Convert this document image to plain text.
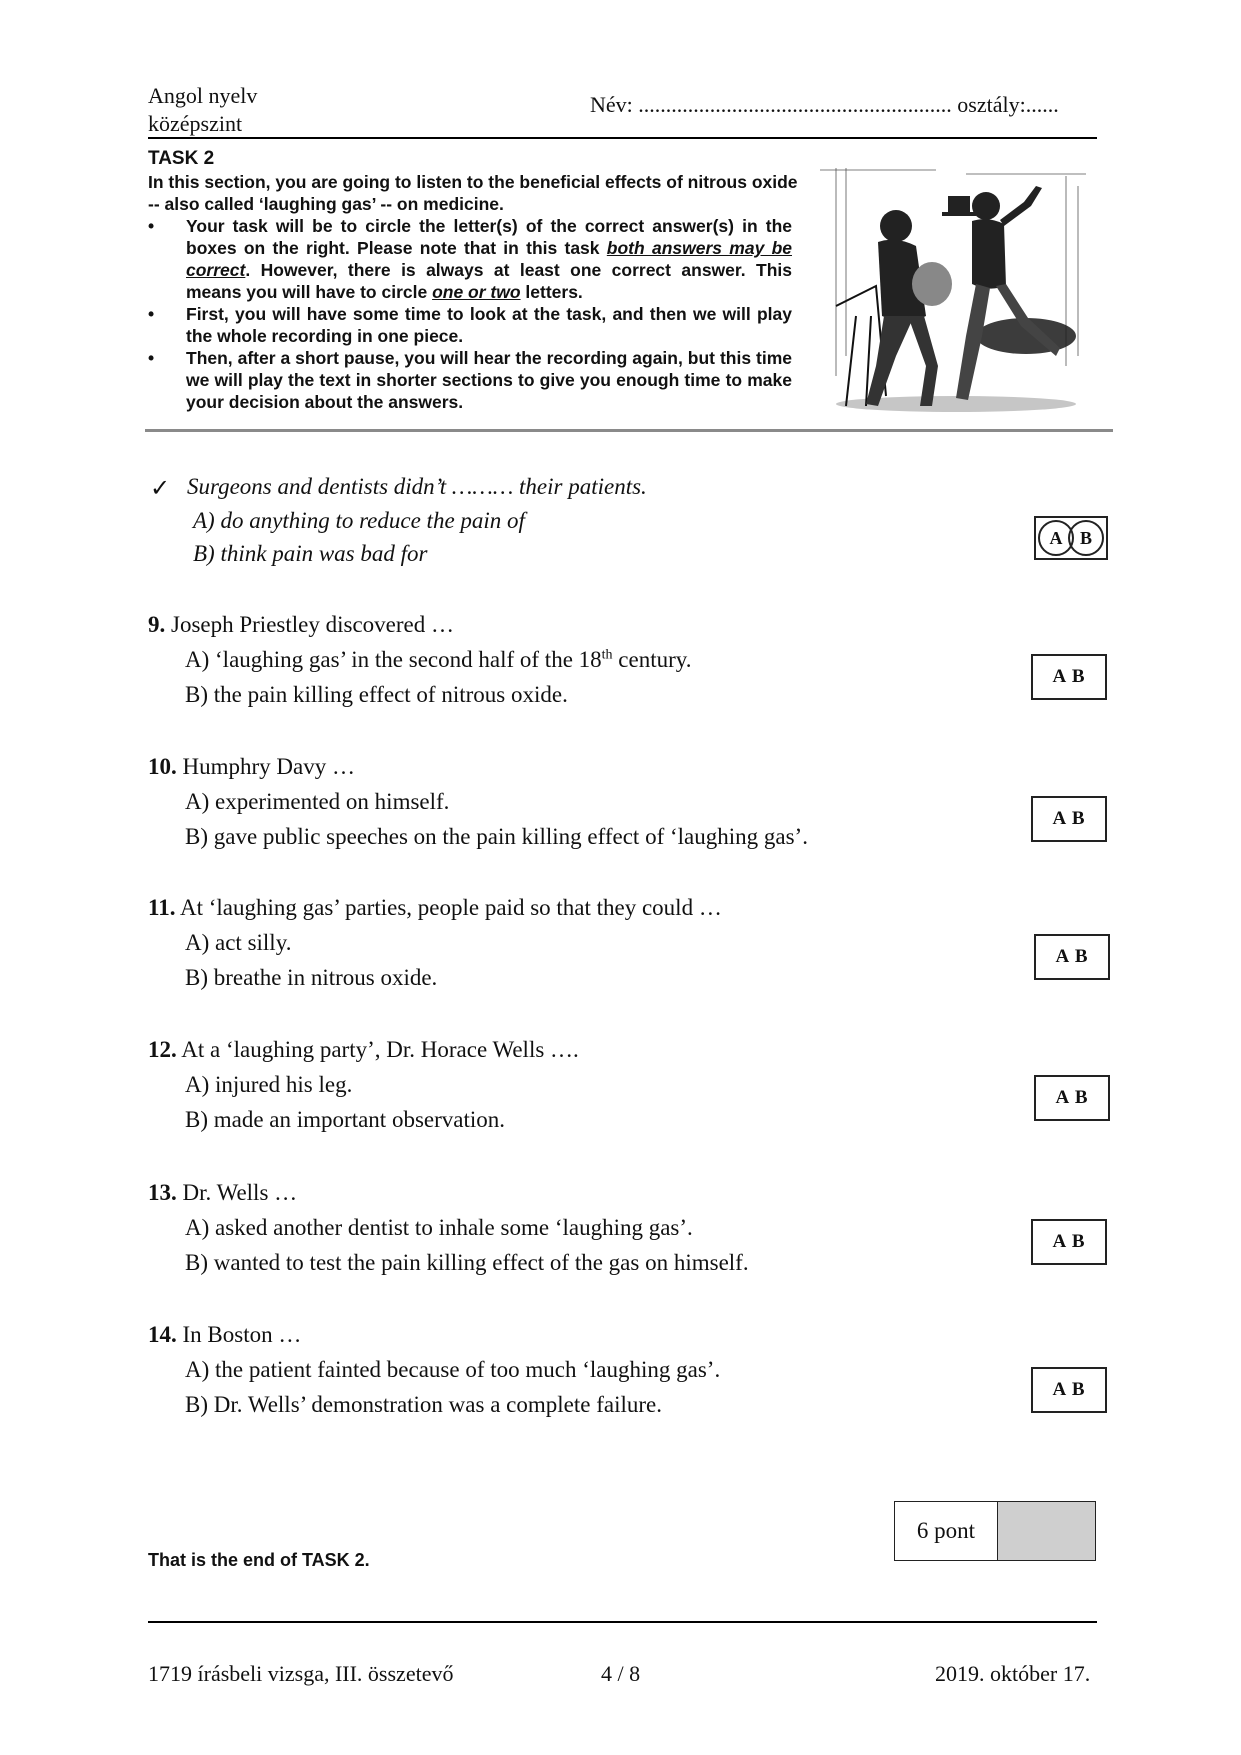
Angol nyelv
középszint
Név: ......................................................... osztály:......
TASK 2
In this section, you are going to listen to the beneficial effects of nitrous oxide -- also called ‘laughing gas’ -- on medicine.
• Your task will be to circle the letter(s) of the correct answer(s) in the boxes on the right. Please note that in this task both answers may be correct. However, there is always at least one correct answer. This means you will have to circle one or two letters.
• First, you will have some time to look at the task, and then we will play the whole recording in one piece.
• Then, after a short pause, you will hear the recording again, but this time we will play the text in shorter sections to give you enough time to make your decision about the answers.
✓ Surgeons and dentists didn’t ……… their patients.
A) do anything to reduce the pain of
B) think pain was bad for
A B
9. Joseph Priestley discovered …
A) ‘laughing gas’ in the second half of the 18th century.
B) the pain killing effect of nitrous oxide.
A B
10. Humphry Davy …
A) experimented on himself.
B) gave public speeches on the pain killing effect of ‘laughing gas’.
A B
11. At ‘laughing gas’ parties, people paid so that they could …
A) act silly.
B) breathe in nitrous oxide.
A B
12. At a ‘laughing party’, Dr. Horace Wells ….
A) injured his leg.
B) made an important observation.
A B
13. Dr. Wells …
A) asked another dentist to inhale some ‘laughing gas’.
B) wanted to test the pain killing effect of the gas on himself.
A B
14. In Boston …
A) the patient fainted because of too much ‘laughing gas’.
B) Dr. Wells’ demonstration was a complete failure.
A B
That is the end of TASK 2.
6 pont
1719 írásbeli vizsga, III. összetevő	4 / 8	2019. október 17.
